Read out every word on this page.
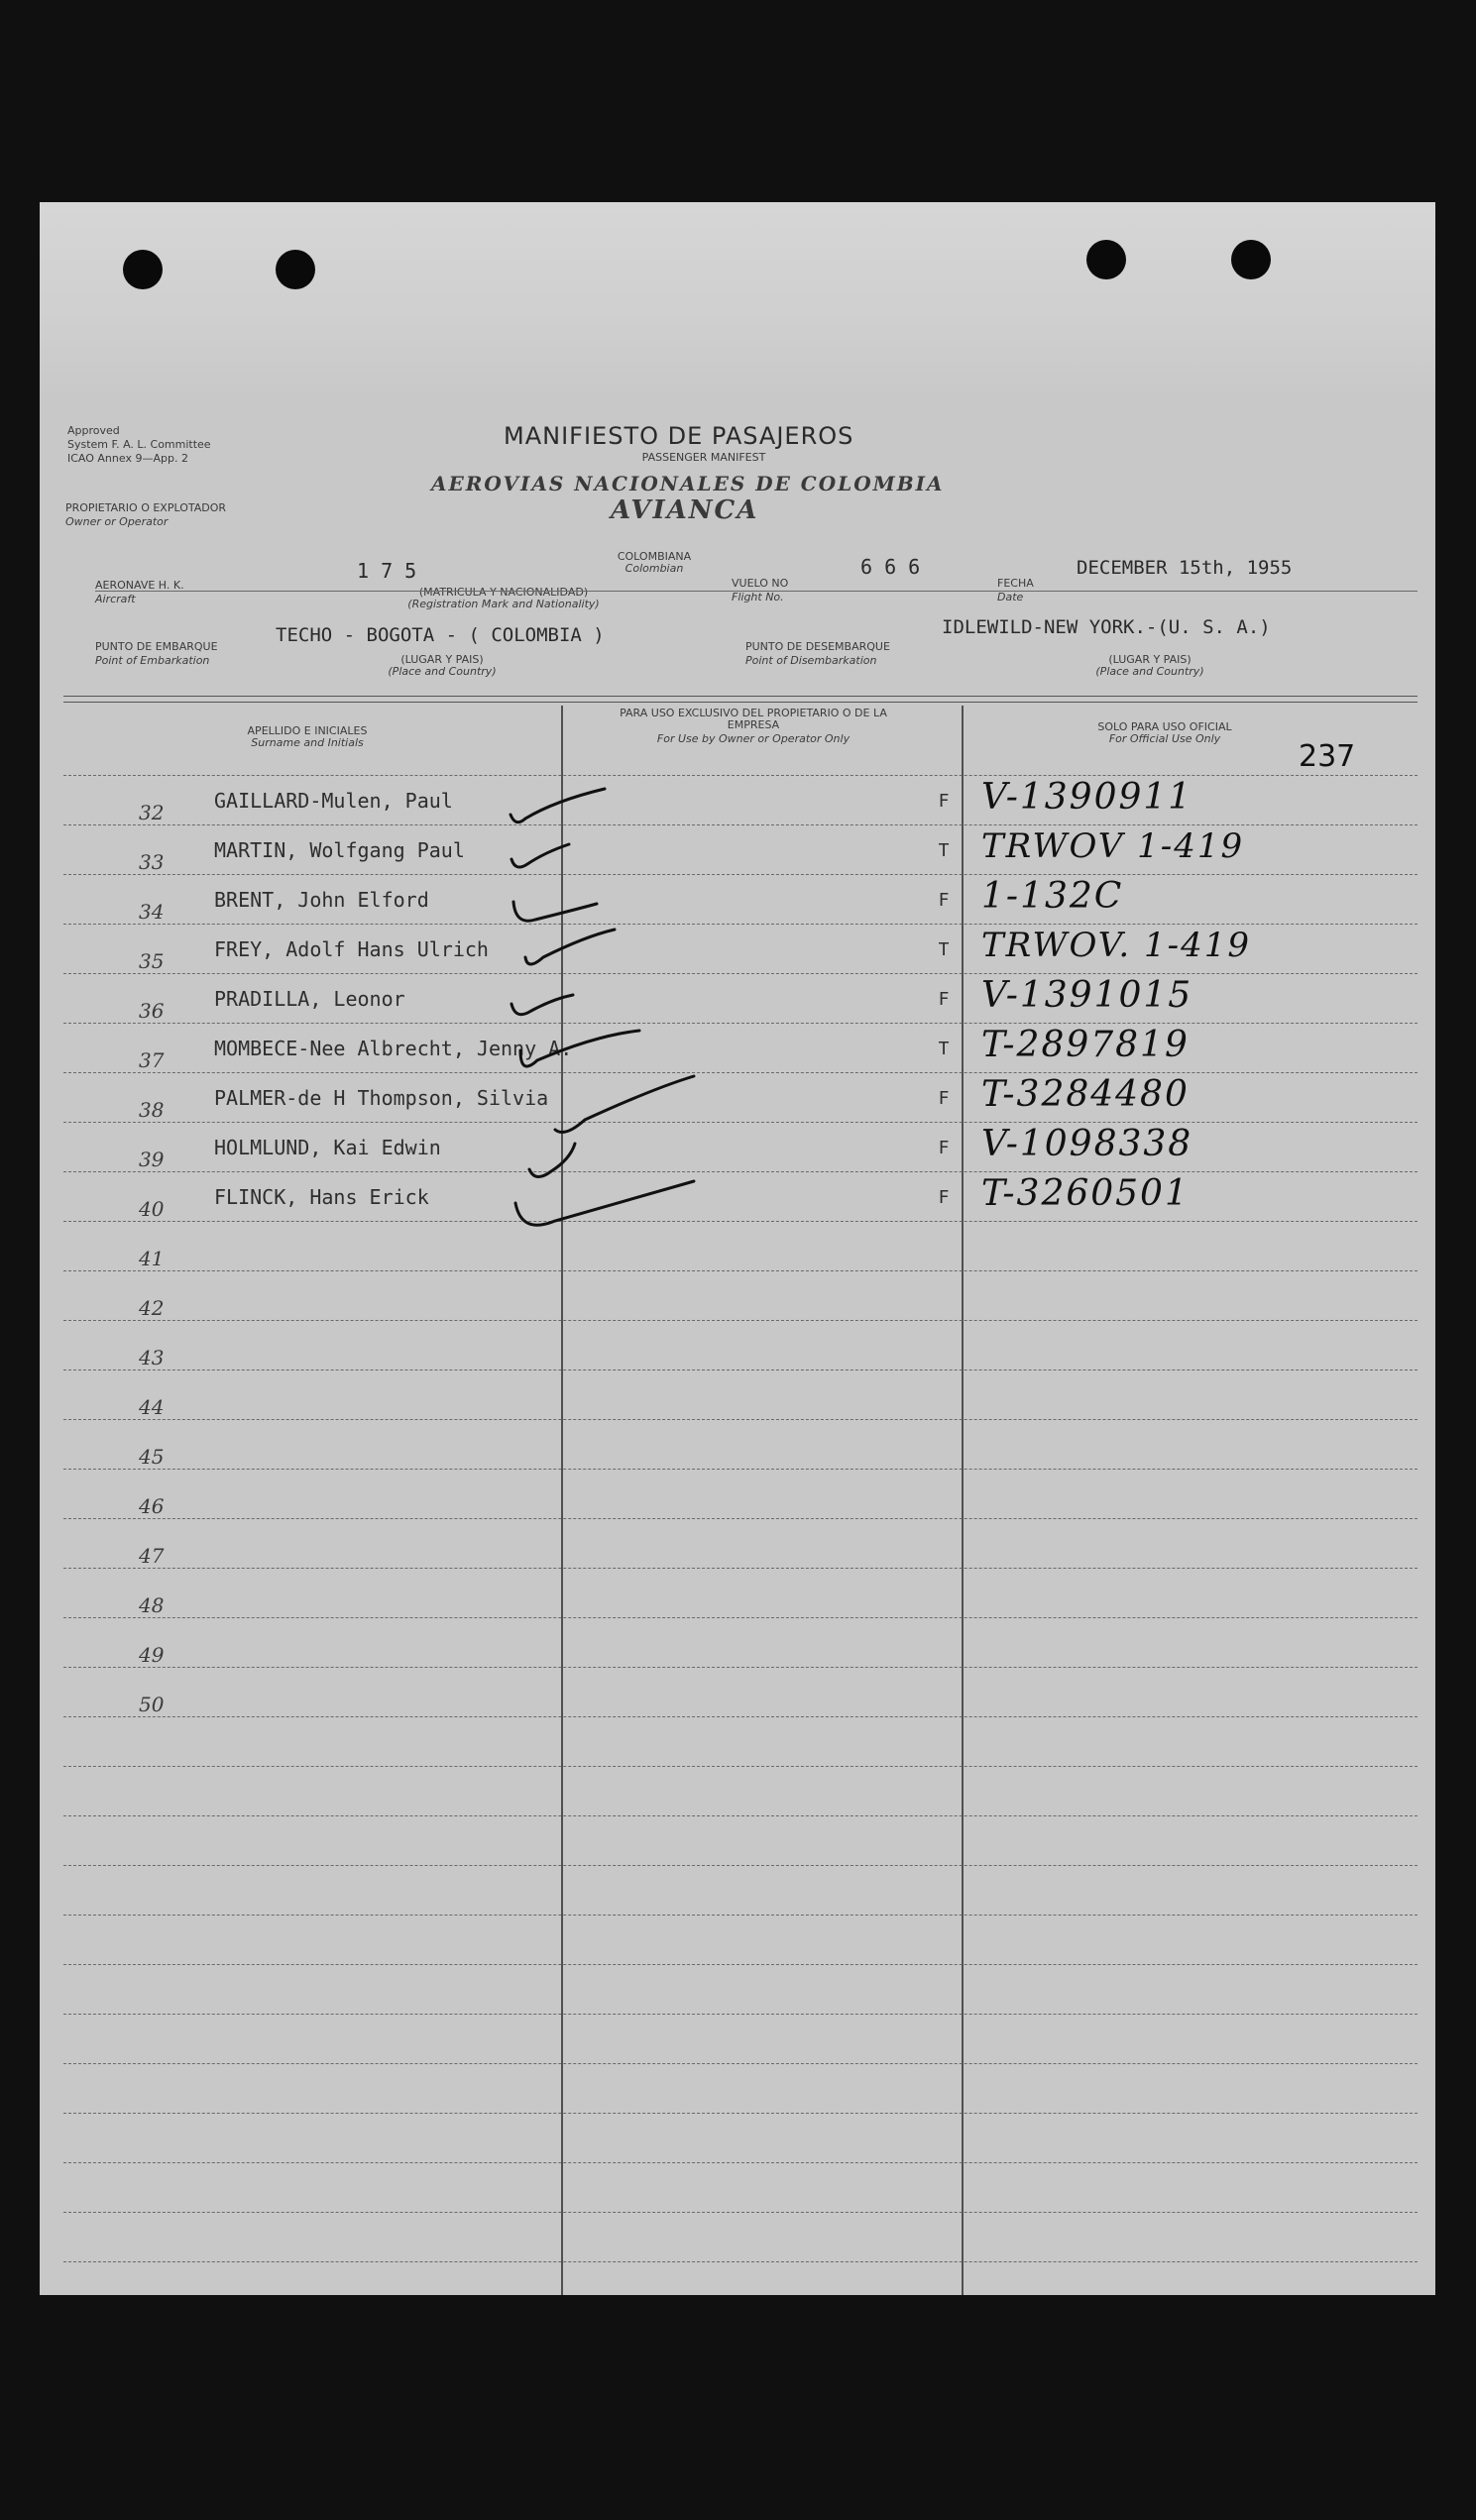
Approved
System F. A. L. Committee
ICAO Annex 9—App. 2
MANIFIESTO DE PASAJEROS
PASSENGER MANIFEST
AEROVIAS NACIONALES DE COLOMBIA
AVIANCA
PROPIETARIO O EXPLOTADOR
Owner or Operator
AERONAVE H. K.
Aircraft
1 7 5
(MATRICULA Y NACIONALIDAD)
(Registration Mark and Nationality)
COLOMBIANA
Colombian
VUELO NO
Flight No.
6 6 6
FECHA
Date
DECEMBER 15th, 1955
PUNTO DE EMBARQUE
Point of Embarkation
TECHO - BOGOTA - ( COLOMBIA )
(LUGAR Y PAIS)
(Place and Country)
PUNTO DE DESEMBARQUE
Point of Disembarkation
IDLEWILD-NEW YORK.-(U. S. A.)
(LUGAR Y PAIS)
(Place and Country)
APELLIDO E INICIALES
Surname and Initials
PARA USO EXCLUSIVO DEL PROPIETARIO O DE LA EMPRESA
For Use by Owner or Operator Only
SOLO PARA USO OFICIAL
For Official Use Only
237
32	GAILLARD-Mulen, Paul	F V-1390911
33	MARTIN, Wolfgang Paul	T TRWOV 1-419
34	BRENT, John Elford	F 1-132C
35	FREY, Adolf Hans Ulrich	T TRWOV. 1-419
36	PRADILLA, Leonor	F V-1391015
37	MOMBECE-Nee Albrecht, Jenny A.	T T-2897819
38	PALMER-de H Thompson, Silvia	F T-3284480
39	HOLMLUND, Kai Edwin	F V-1098338
40	FLINCK, Hans Erick	F T-3260501
41
42
43
44
45
46
47
48
49
50
